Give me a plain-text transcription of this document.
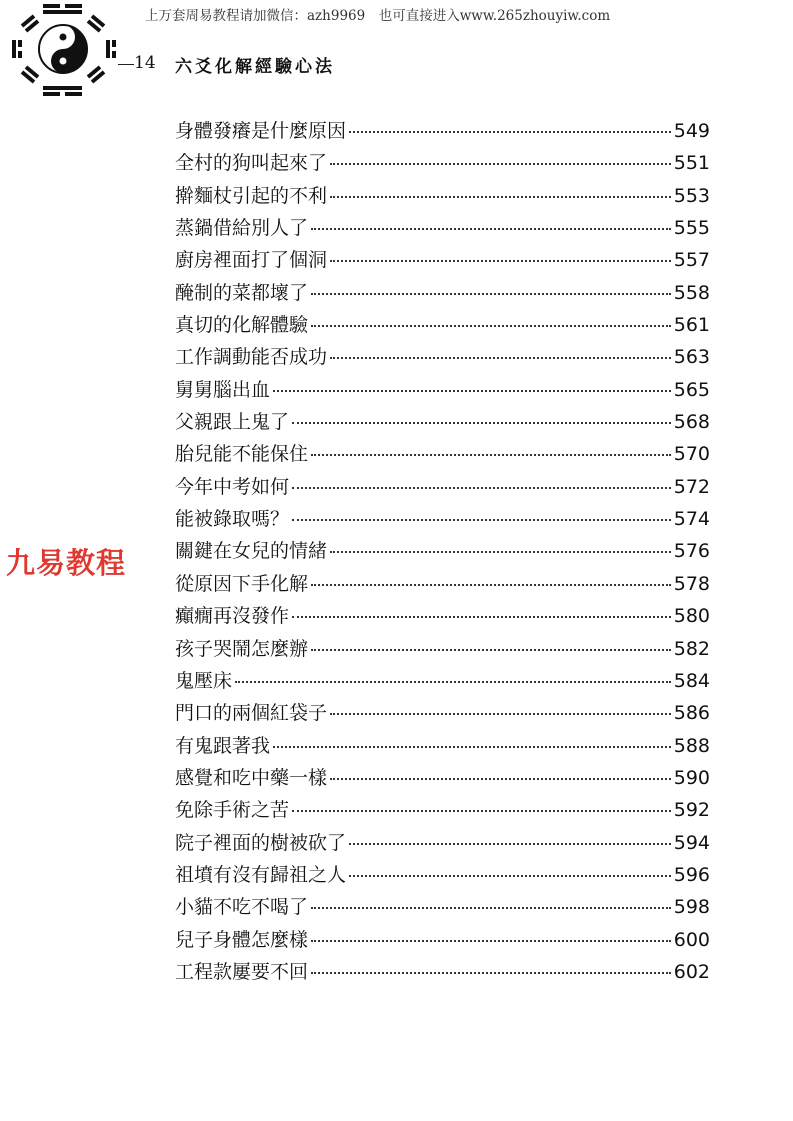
上万套周易教程请加微信：azh9969　也可直接进入www.265zhouyiw.com
14 六爻化解經驗心法
九易教程
身體發癢是什麼原因	549
全村的狗叫起來了	551
擀麵杖引起的不利	553
蒸鍋借給別人了	555
廚房裡面打了個洞	557
醃制的菜都壞了	558
真切的化解體驗	561
工作調動能否成功	563
舅舅腦出血	565
父親跟上鬼了	568
胎兒能不能保住	570
今年中考如何	572
能被錄取嗎？	574
關鍵在女兒的情緒	576
從原因下手化解	578
癲癇再沒發作	580
孩子哭鬧怎麼辦	582
鬼壓床	584
門口的兩個紅袋子	586
有鬼跟著我	588
感覺和吃中藥一樣	590
免除手術之苦	592
院子裡面的樹被砍了	594
祖墳有沒有歸祖之人	596
小貓不吃不喝了	598
兒子身體怎麼樣	600
工程款屢要不回	602
